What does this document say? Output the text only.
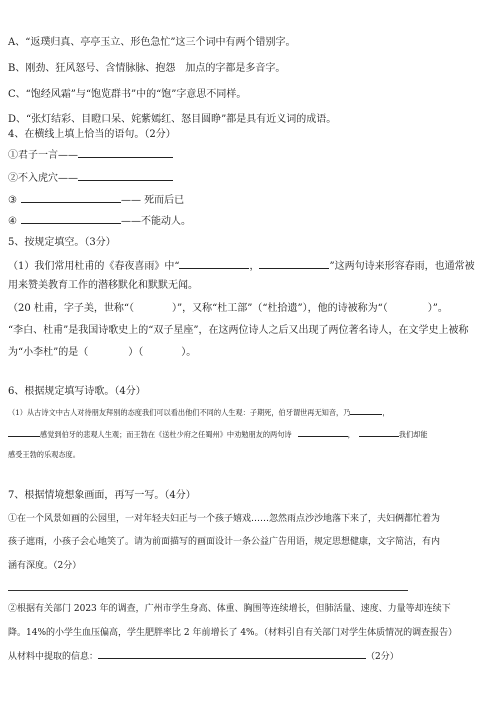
A、“返璞归真、亭亭玉立、形色急忙”这三个词中有两个错别字。
B、刚劲、狂风怒号、含情脉脉、抱怨　加点的字都是多音字。
C、“饱经风霜”与“饱览群书”中的“饱”字意思不同样。
D、“张灯结彩、目瞪口呆、姹紫嫣红、怒目圆睁”都是具有近义词的成语。
4、在横线上填上恰当的语句。（2分）
①君子一言——
②不入虎穴——
③	—— 死而后已
④	——不能动人。
5、按规定填空。（3分）
（1）我们常用杜甫的《春夜喜雨》中“	，	”这两句诗来形容春雨，也通常被
用来赞美教育工作的潜移默化和默默无闻。
（20 杜甫，字子美，世称“（	）”，又称“杜工部”（“杜拾遗”），他的诗被称为“（	）”。
“李白、杜甫”是我国诗歌史上的“双子星座”，在这两位诗人之后又出现了两位著名诗人，在文学史上被称
为“小李杜”的是（	）（	）。
6、根据规定填写诗歌。（4分）
（1）从古诗文中古人对待朋友拜别的态度我们可以看出他们不同的人生观：子期死，伯牙谓世再无知音，乃	，
感觉到伯牙的悲观人生观；而王勃在《送杜少府之任蜀州》中劝勉朋友的两句诗	，	我们却能
感受王勃的乐观态度。
7、根据情境想象画面，再写一写。（4分）
①在一个风景如画的公园里，一对年轻夫妇正与一个孩子嬉戏……忽然雨点沙沙地落下来了，夫妇俩都忙着为
孩子遮雨，小孩子会心地笑了。请为前面描写的画面设计一条公益广告用语，规定思想健康，文字简洁，有内
涵有深度。（2分）
②根据有关部门 2023 年的调查，广州市学生身高、体重、胸围等连续增长，但肺活量、速度、力量等却连续下
降。14%的小学生血压偏高，学生肥胖率比 2 年前增长了 4%。（材料引自有关部门对学生体质情况的调查报告）
从材料中提取的信息：	（2分）
